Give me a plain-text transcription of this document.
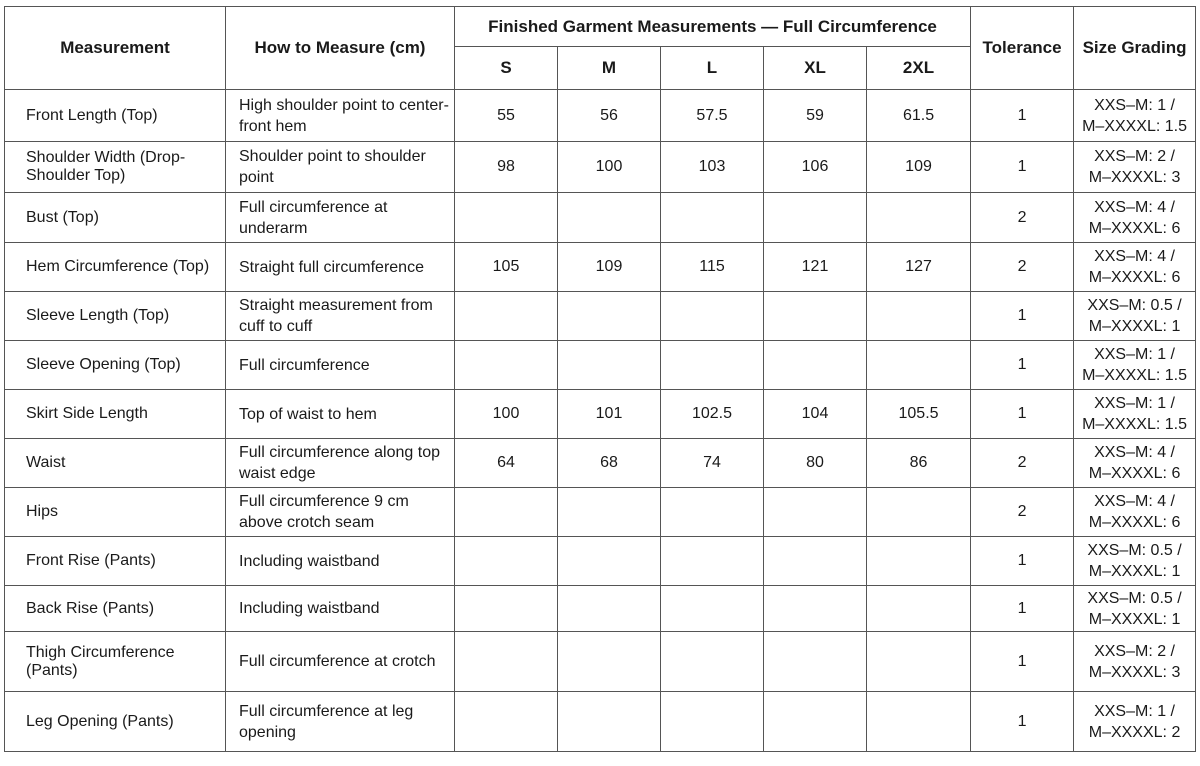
Measurement	How to Measure (cm)	Finished Garment Measurements — Full Circumference					Tolerance	Size Grading
		S	M	L	XL	2XL		
Front Length (Top)	High shoulder point to center-front hem	55	56	57.5	59	61.5	1	XXS–M: 1 /
M–XXXXL: 1.5
Shoulder Width (Drop-Shoulder Top)	Shoulder point to shoulder point	98	100	103	106	109	1	XXS–M: 2 /
M–XXXXL: 3
Bust (Top)	Full circumference at underarm						2	XXS–M: 4 /
M–XXXXL: 6
Hem Circumference (Top)	Straight full circumference	105	109	115	121	127	2	XXS–M: 4 /
M–XXXXL: 6
Sleeve Length (Top)	Straight measurement from cuff to cuff						1	XXS–M: 0.5 /
M–XXXXL: 1
Sleeve Opening (Top)	Full circumference						1	XXS–M: 1 /
M–XXXXL: 1.5
Skirt Side Length	Top of waist to hem	100	101	102.5	104	105.5	1	XXS–M: 1 /
M–XXXXL: 1.5
Waist	Full circumference along top waist edge	64	68	74	80	86	2	XXS–M: 4 /
M–XXXXL: 6
Hips	Full circumference 9 cm above crotch seam						2	XXS–M: 4 /
M–XXXXL: 6
Front Rise (Pants)	Including waistband						1	XXS–M: 0.5 /
M–XXXXL: 1
Back Rise (Pants)	Including waistband						1	XXS–M: 0.5 /
M–XXXXL: 1
Thigh Circumference (Pants)	Full circumference at crotch						1	XXS–M: 2 /
M–XXXXL: 3
Leg Opening (Pants)	Full circumference at leg opening						1	XXS–M: 1 /
M–XXXXL: 2
